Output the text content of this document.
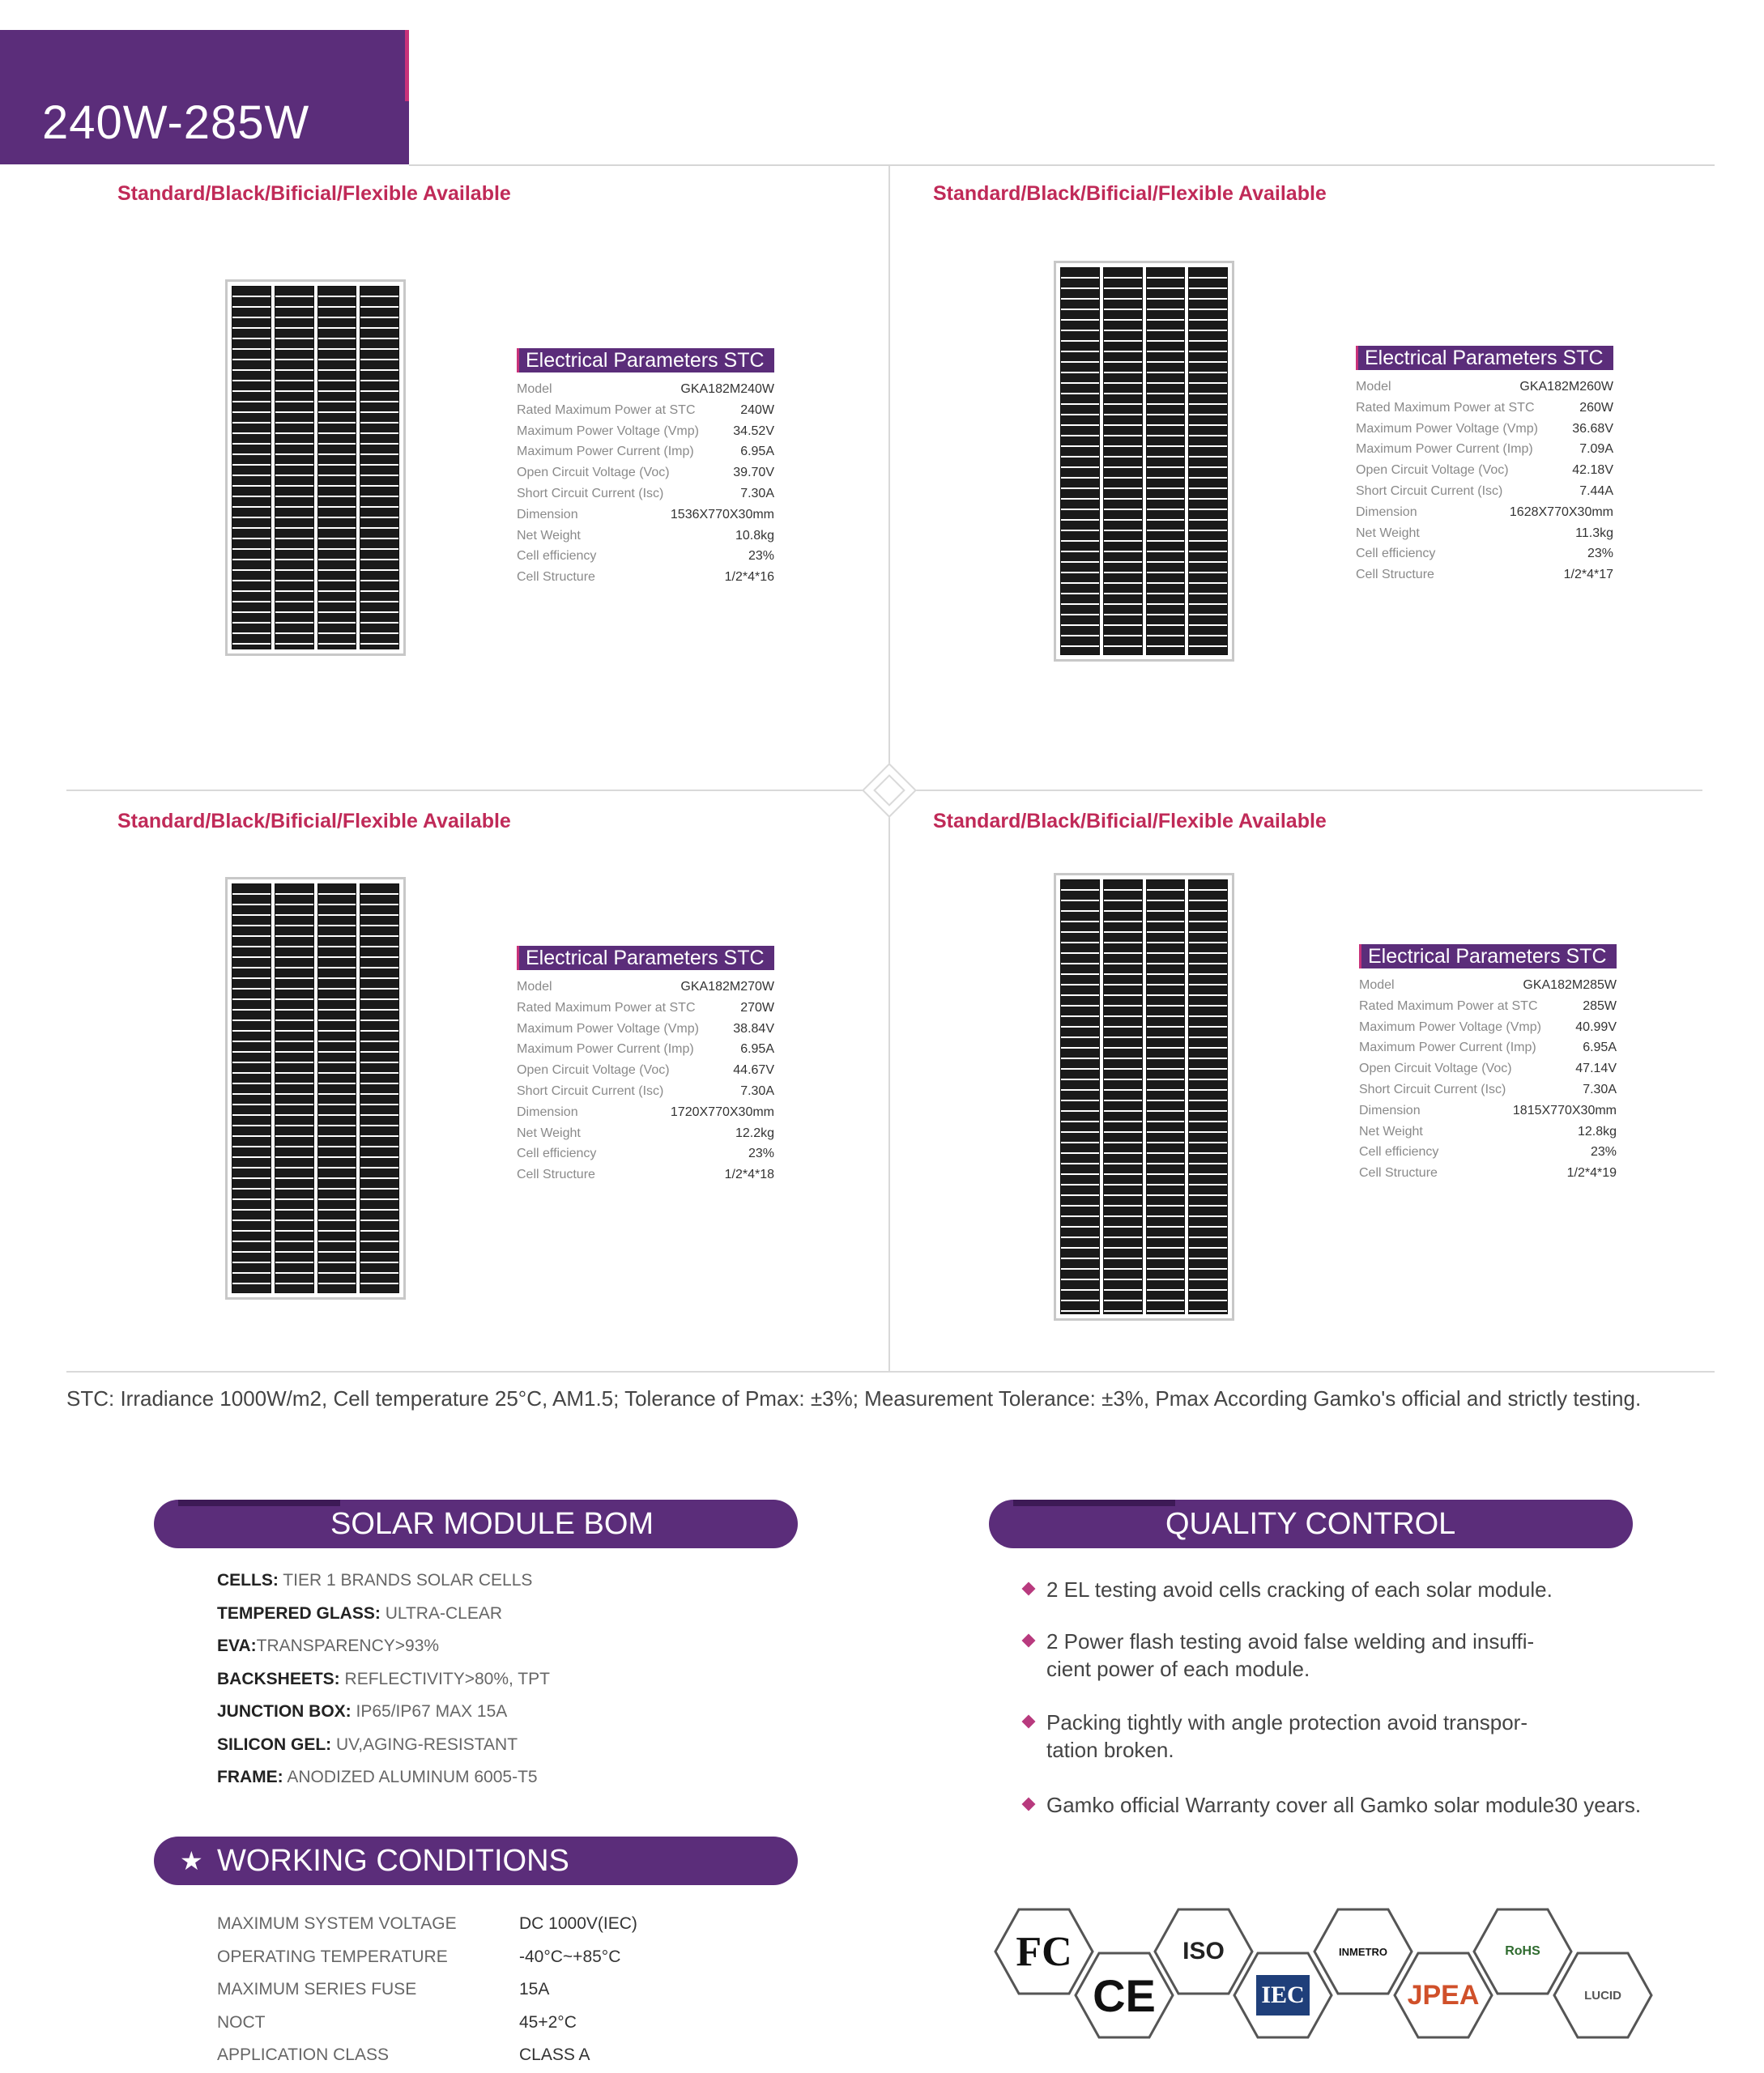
240W-285W
Standard/Black/Bificial/Flexible Available
Electrical Parameters STC
Model	GKA182M240W
Rated Maximum Power at STC	240W
Maximum Power Voltage (Vmp)	34.52V
Maximum Power Current (Imp)	6.95A
Open Circuit Voltage (Voc)	39.70V
Short Circuit Current (Isc)	7.30A
Dimension	1536X770X30mm
Net Weight	10.8kg
Cell efficiency	23%
Cell Structure	1/2*4*16
Standard/Black/Bificial/Flexible Available
Electrical Parameters STC
Model	GKA182M260W
Rated Maximum Power at STC	260W
Maximum Power Voltage (Vmp)	36.68V
Maximum Power Current (Imp)	7.09A
Open Circuit Voltage (Voc)	42.18V
Short Circuit Current (Isc)	7.44A
Dimension	1628X770X30mm
Net Weight	11.3kg
Cell efficiency	23%
Cell Structure	1/2*4*17
Standard/Black/Bificial/Flexible Available
Electrical Parameters STC
Model	GKA182M270W
Rated Maximum Power at STC	270W
Maximum Power Voltage (Vmp)	38.84V
Maximum Power Current (Imp)	6.95A
Open Circuit Voltage (Voc)	44.67V
Short Circuit Current (Isc)	7.30A
Dimension	1720X770X30mm
Net Weight	12.2kg
Cell efficiency	23%
Cell Structure	1/2*4*18
Standard/Black/Bificial/Flexible Available
Electrical Parameters STC
Model	GKA182M285W
Rated Maximum Power at STC	285W
Maximum Power Voltage (Vmp)	40.99V
Maximum Power Current (Imp)	6.95A
Open Circuit Voltage (Voc)	47.14V
Short Circuit Current (Isc)	7.30A
Dimension	1815X770X30mm
Net Weight	12.8kg
Cell efficiency	23%
Cell Structure	1/2*4*19
STC: Irradiance 1000W/m2, Cell temperature 25°C, AM1.5; Tolerance of Pmax: ±3%; Measurement Tolerance: ±3%, Pmax According Gamko's official and strictly testing.
SOLAR MODULE BOM
CELLS: TIER 1 BRANDS SOLAR CELLS
TEMPERED GLASS: ULTRA-CLEAR
EVA:TRANSPARENCY>93%
BACKSHEETS: REFLECTIVITY>80%, TPT
JUNCTION BOX: IP65/IP67 MAX 15A
SILICON GEL: UV,AGING-RESISTANT
FRAME: ANODIZED ALUMINUM 6005-T5
QUALITY CONTROL
2 EL testing avoid cells cracking of each solar module.
2 Power flash testing avoid false welding and insuffi-
cient power of each module.
Packing tightly with angle protection avoid transpor-
tation broken.
Gamko official Warranty cover all Gamko solar module30 years.
★ WORKING CONDITIONS
MAXIMUM SYSTEM VOLTAGE	DC 1000V(IEC)
OPERATING TEMPERATURE	-40°C~+85°C
MAXIMUM SERIES FUSE	15A
NOCT	45+2°C
APPLICATION CLASS	CLASS A
FC
CE
ISO
IEC
INMETRO
JPEA
RoHS
LUCID
